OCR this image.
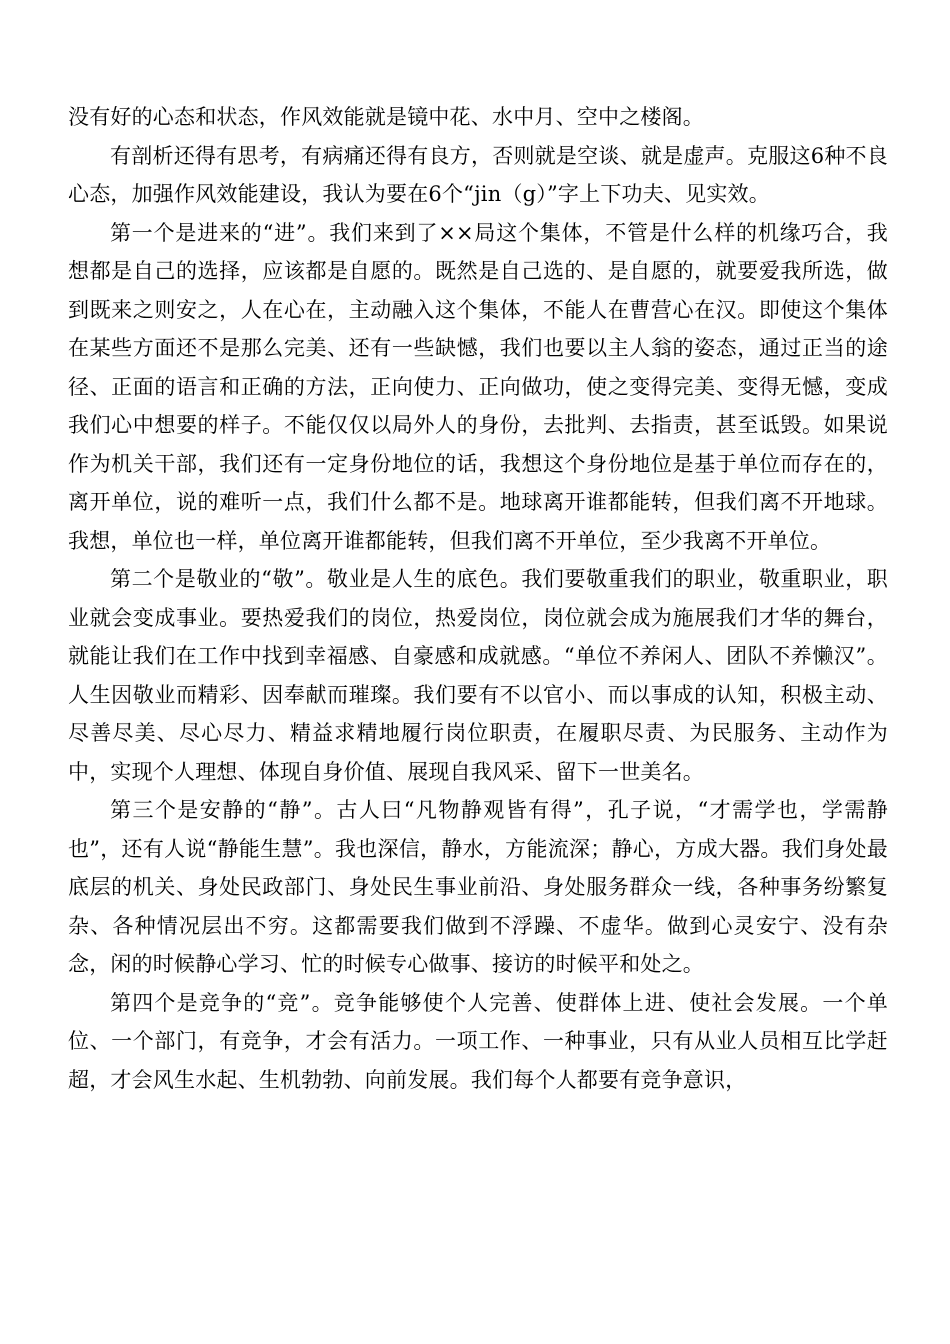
没有好的心态和状态，作风效能就是镜中花、水中月、空中之楼阁。

有剖析还得有思考，有病痛还得有良方，否则就是空谈、就是虚声。克服这6种不良心态，加强作风效能建设，我认为要在6个“jin（g）”字上下功夫、见实效。

第一个是进来的“进”。我们来到了××局这个集体，不管是什么样的机缘巧合，我想都是自己的选择，应该都是自愿的。既然是自己选的、是自愿的，就要爱我所选，做到既来之则安之，人在心在，主动融入这个集体，不能人在曹营心在汉。即使这个集体在某些方面还不是那么完美、还有一些缺憾，我们也要以主人翁的姿态，通过正当的途径、正面的语言和正确的方法，正向使力、正向做功，使之变得完美、变得无憾，变成我们心中想要的样子。不能仅仅以局外人的身份，去批判、去指责，甚至诋毁。如果说作为机关干部，我们还有一定身份地位的话，我想这个身份地位是基于单位而存在的，离开单位，说的难听一点，我们什么都不是。地球离开谁都能转，但我们离不开地球。我想，单位也一样，单位离开谁都能转，但我们离不开单位，至少我离不开单位。

第二个是敬业的“敬”。敬业是人生的底色。我们要敬重我们的职业，敬重职业，职业就会变成事业。要热爱我们的岗位，热爱岗位，岗位就会成为施展我们才华的舞台，就能让我们在工作中找到幸福感、自豪感和成就感。“单位不养闲人、团队不养懒汉”。人生因敬业而精彩、因奉献而璀璨。我们要有不以官小、而以事成的认知，积极主动、尽善尽美、尽心尽力、精益求精地履行岗位职责，在履职尽责、为民服务、主动作为中，实现个人理想、体现自身价值、展现自我风采、留下一世美名。

第三个是安静的“静”。古人曰“凡物静观皆有得”，孔子说，“才需学也，学需静也”，还有人说“静能生慧”。我也深信，静水，方能流深；静心，方成大器。我们身处最底层的机关、身处民政部门、身处民生事业前沿、身处服务群众一线，各种事务纷繁复杂、各种情况层出不穷。这都需要我们做到不浮躁、不虚华。做到心灵安宁、没有杂念，闲的时候静心学习、忙的时候专心做事、接访的时候平和处之。

第四个是竞争的“竞”。竞争能够使个人完善、使群体上进、使社会发展。一个单位、一个部门，有竞争，才会有活力。一项工作、一种事业，只有从业人员相互比学赶超，才会风生水起、生机勃勃、向前发展。我们每个人都要有竞争意识，
